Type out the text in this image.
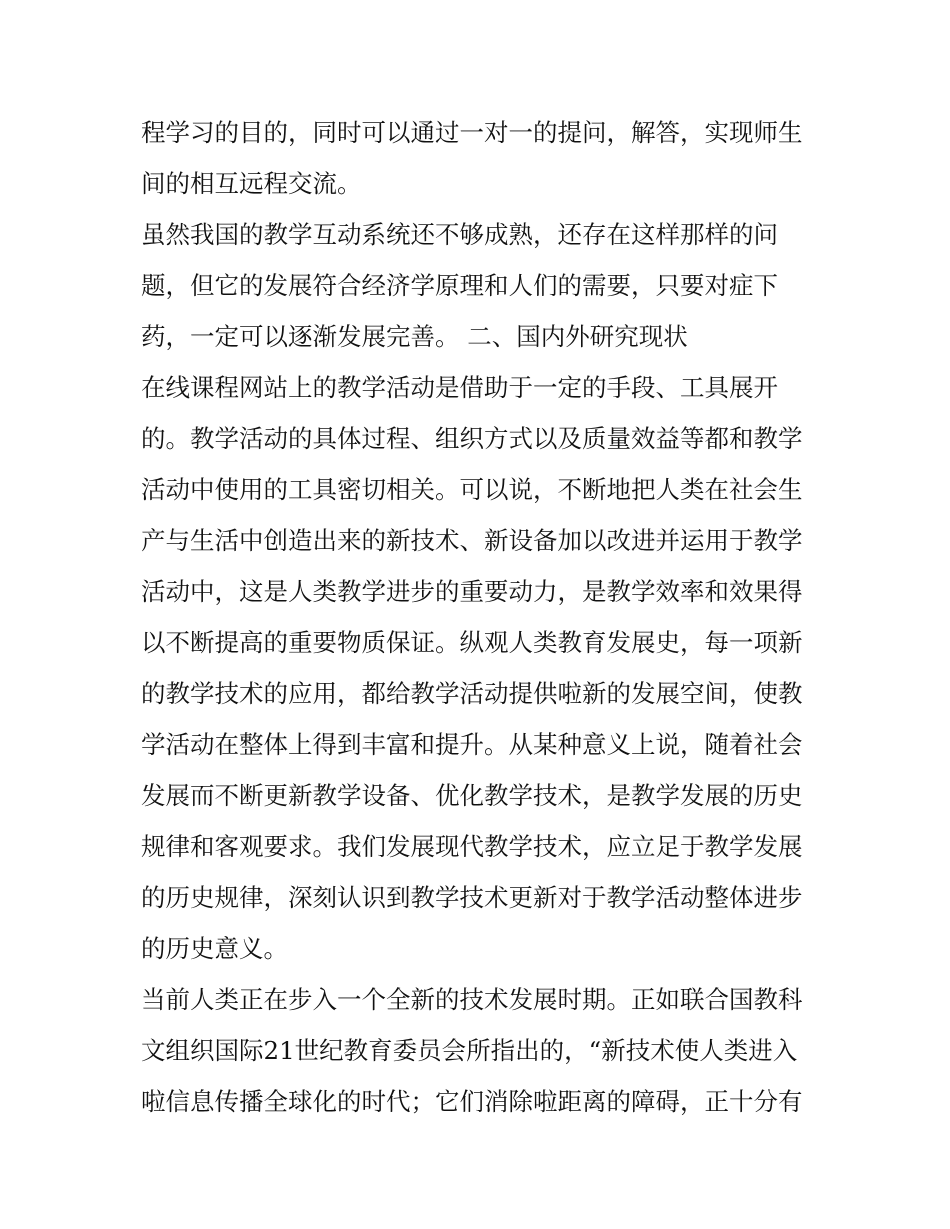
程学习的目的，同时可以通过一对一的提问，解答，实现师生
间的相互远程交流。
虽然我国的教学互动系统还不够成熟，还存在这样那样的问
题，但它的发展符合经济学原理和人们的需要，只要对症下
药，一定可以逐渐发展完善。 二、国内外研究现状
在线课程网站上的教学活动是借助于一定的手段、工具展开
的。教学活动的具体过程、组织方式以及质量效益等都和教学
活动中使用的工具密切相关。可以说，不断地把人类在社会生
产与生活中创造出来的新技术、新设备加以改进并运用于教学
活动中，这是人类教学进步的重要动力，是教学效率和效果得
以不断提高的重要物质保证。纵观人类教育发展史，每一项新
的教学技术的应用，都给教学活动提供啦新的发展空间，使教
学活动在整体上得到丰富和提升。从某种意义上说，随着社会
发展而不断更新教学设备、优化教学技术，是教学发展的历史
规律和客观要求。我们发展现代教学技术，应立足于教学发展
的历史规律，深刻认识到教学技术更新对于教学活动整体进步
的历史意义。
当前人类正在步入一个全新的技术发展时期。正如联合国教科
文组织国际21世纪教育委员会所指出的，“新技术使人类进入
啦信息传播全球化的时代；它们消除啦距离的障碍，正十分有
